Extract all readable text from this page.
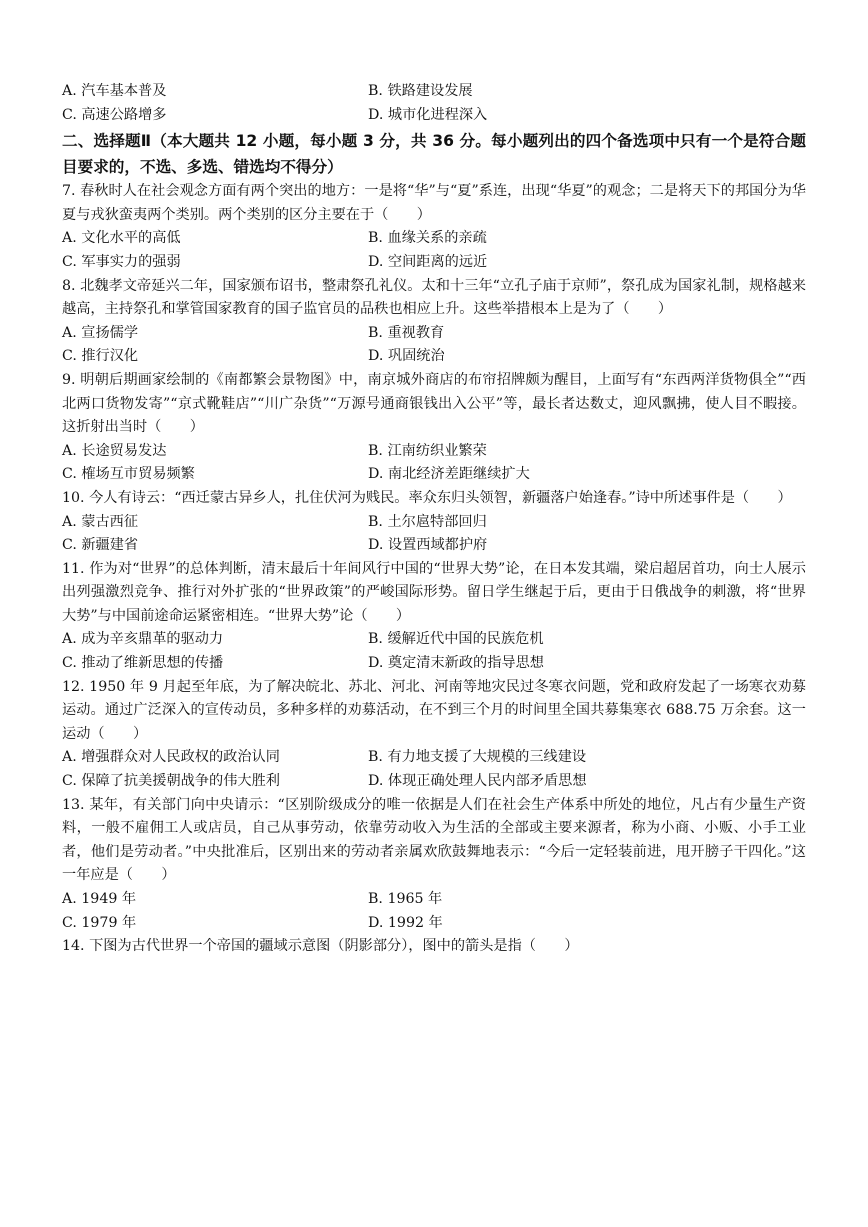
A. 汽车基本普及	B. 铁路建设发展
C. 高速公路增多	D. 城市化进程深入
二、选择题Ⅱ（本大题共 12 小题，每小题 3 分，共 36 分。每小题列出的四个备选项中只有一个是符合题目要求的，不选、多选、错选均不得分）
7. 春秋时人在社会观念方面有两个突出的地方：一是将“华”与“夏”系连，出现“华夏”的观念；二是将天下的邦国分为华夏与戎狄蛮夷两个类别。两个类别的区分主要在于（　　）
A. 文化水平的高低	B. 血缘关系的亲疏
C. 军事实力的强弱	D. 空间距离的远近
8. 北魏孝文帝延兴二年，国家颁布诏书，整肃祭孔礼仪。太和十三年“立孔子庙于京师”，祭孔成为国家礼制，规格越来越高，主持祭孔和掌管国家教育的国子监官员的品秩也相应上升。这些举措根本上是为了（　　）
A. 宣扬儒学	B. 重视教育
C. 推行汉化	D. 巩固统治
9. 明朝后期画家绘制的《南都繁会景物图》中，南京城外商店的布帘招牌颇为醒目，上面写有“东西两洋货物俱全”“西北两口货物发寄”“京式靴鞋店”“川广杂货”“万源号通商银钱出入公平”等，最长者达数丈，迎风飘拂，使人目不暇接。这折射出当时（　　）
A. 长途贸易发达	B. 江南纺织业繁荣
C. 榷场互市贸易频繁	D. 南北经济差距继续扩大
10. 今人有诗云：“西迁蒙古异乡人，扎住伏河为贱民。率众东归头领智，新疆落户始逢春。”诗中所述事件是（　　）
A. 蒙古西征	B. 土尔扈特部回归
C. 新疆建省	D. 设置西域都护府
11. 作为对“世界”的总体判断，清末最后十年间风行中国的“世界大势”论，在日本发其端，梁启超居首功，向士人展示出列强激烈竞争、推行对外扩张的“世界政策”的严峻国际形势。留日学生继起于后，更由于日俄战争的刺激，将“世界大势”与中国前途命运紧密相连。“世界大势”论（　　）
A. 成为辛亥鼎革的驱动力	B. 缓解近代中国的民族危机
C. 推动了维新思想的传播	D. 奠定清末新政的指导思想
12. 1950 年 9 月起至年底，为了解决皖北、苏北、河北、河南等地灾民过冬寒衣问题，党和政府发起了一场寒衣劝募运动。通过广泛深入的宣传动员，多种多样的劝募活动，在不到三个月的时间里全国共募集寒衣 688.75 万余套。这一运动（　　）
A. 增强群众对人民政权的政治认同	B. 有力地支援了大规模的三线建设
C. 保障了抗美援朝战争的伟大胜利	D. 体现正确处理人民内部矛盾思想
13. 某年，有关部门向中央请示：“区别阶级成分的唯一依据是人们在社会生产体系中所处的地位，凡占有少量生产资料，一般不雇佣工人或店员，自己从事劳动，依靠劳动收入为生活的全部或主要来源者，称为小商、小贩、小手工业者，他们是劳动者。”中央批准后，区别出来的劳动者亲属欢欣鼓舞地表示：“今后一定轻装前进，甩开膀子干四化。”这一年应是（　　）
A. 1949 年	B. 1965 年
C. 1979 年	D. 1992 年
14. 下图为古代世界一个帝国的疆域示意图（阴影部分），图中的箭头是指（　　）
